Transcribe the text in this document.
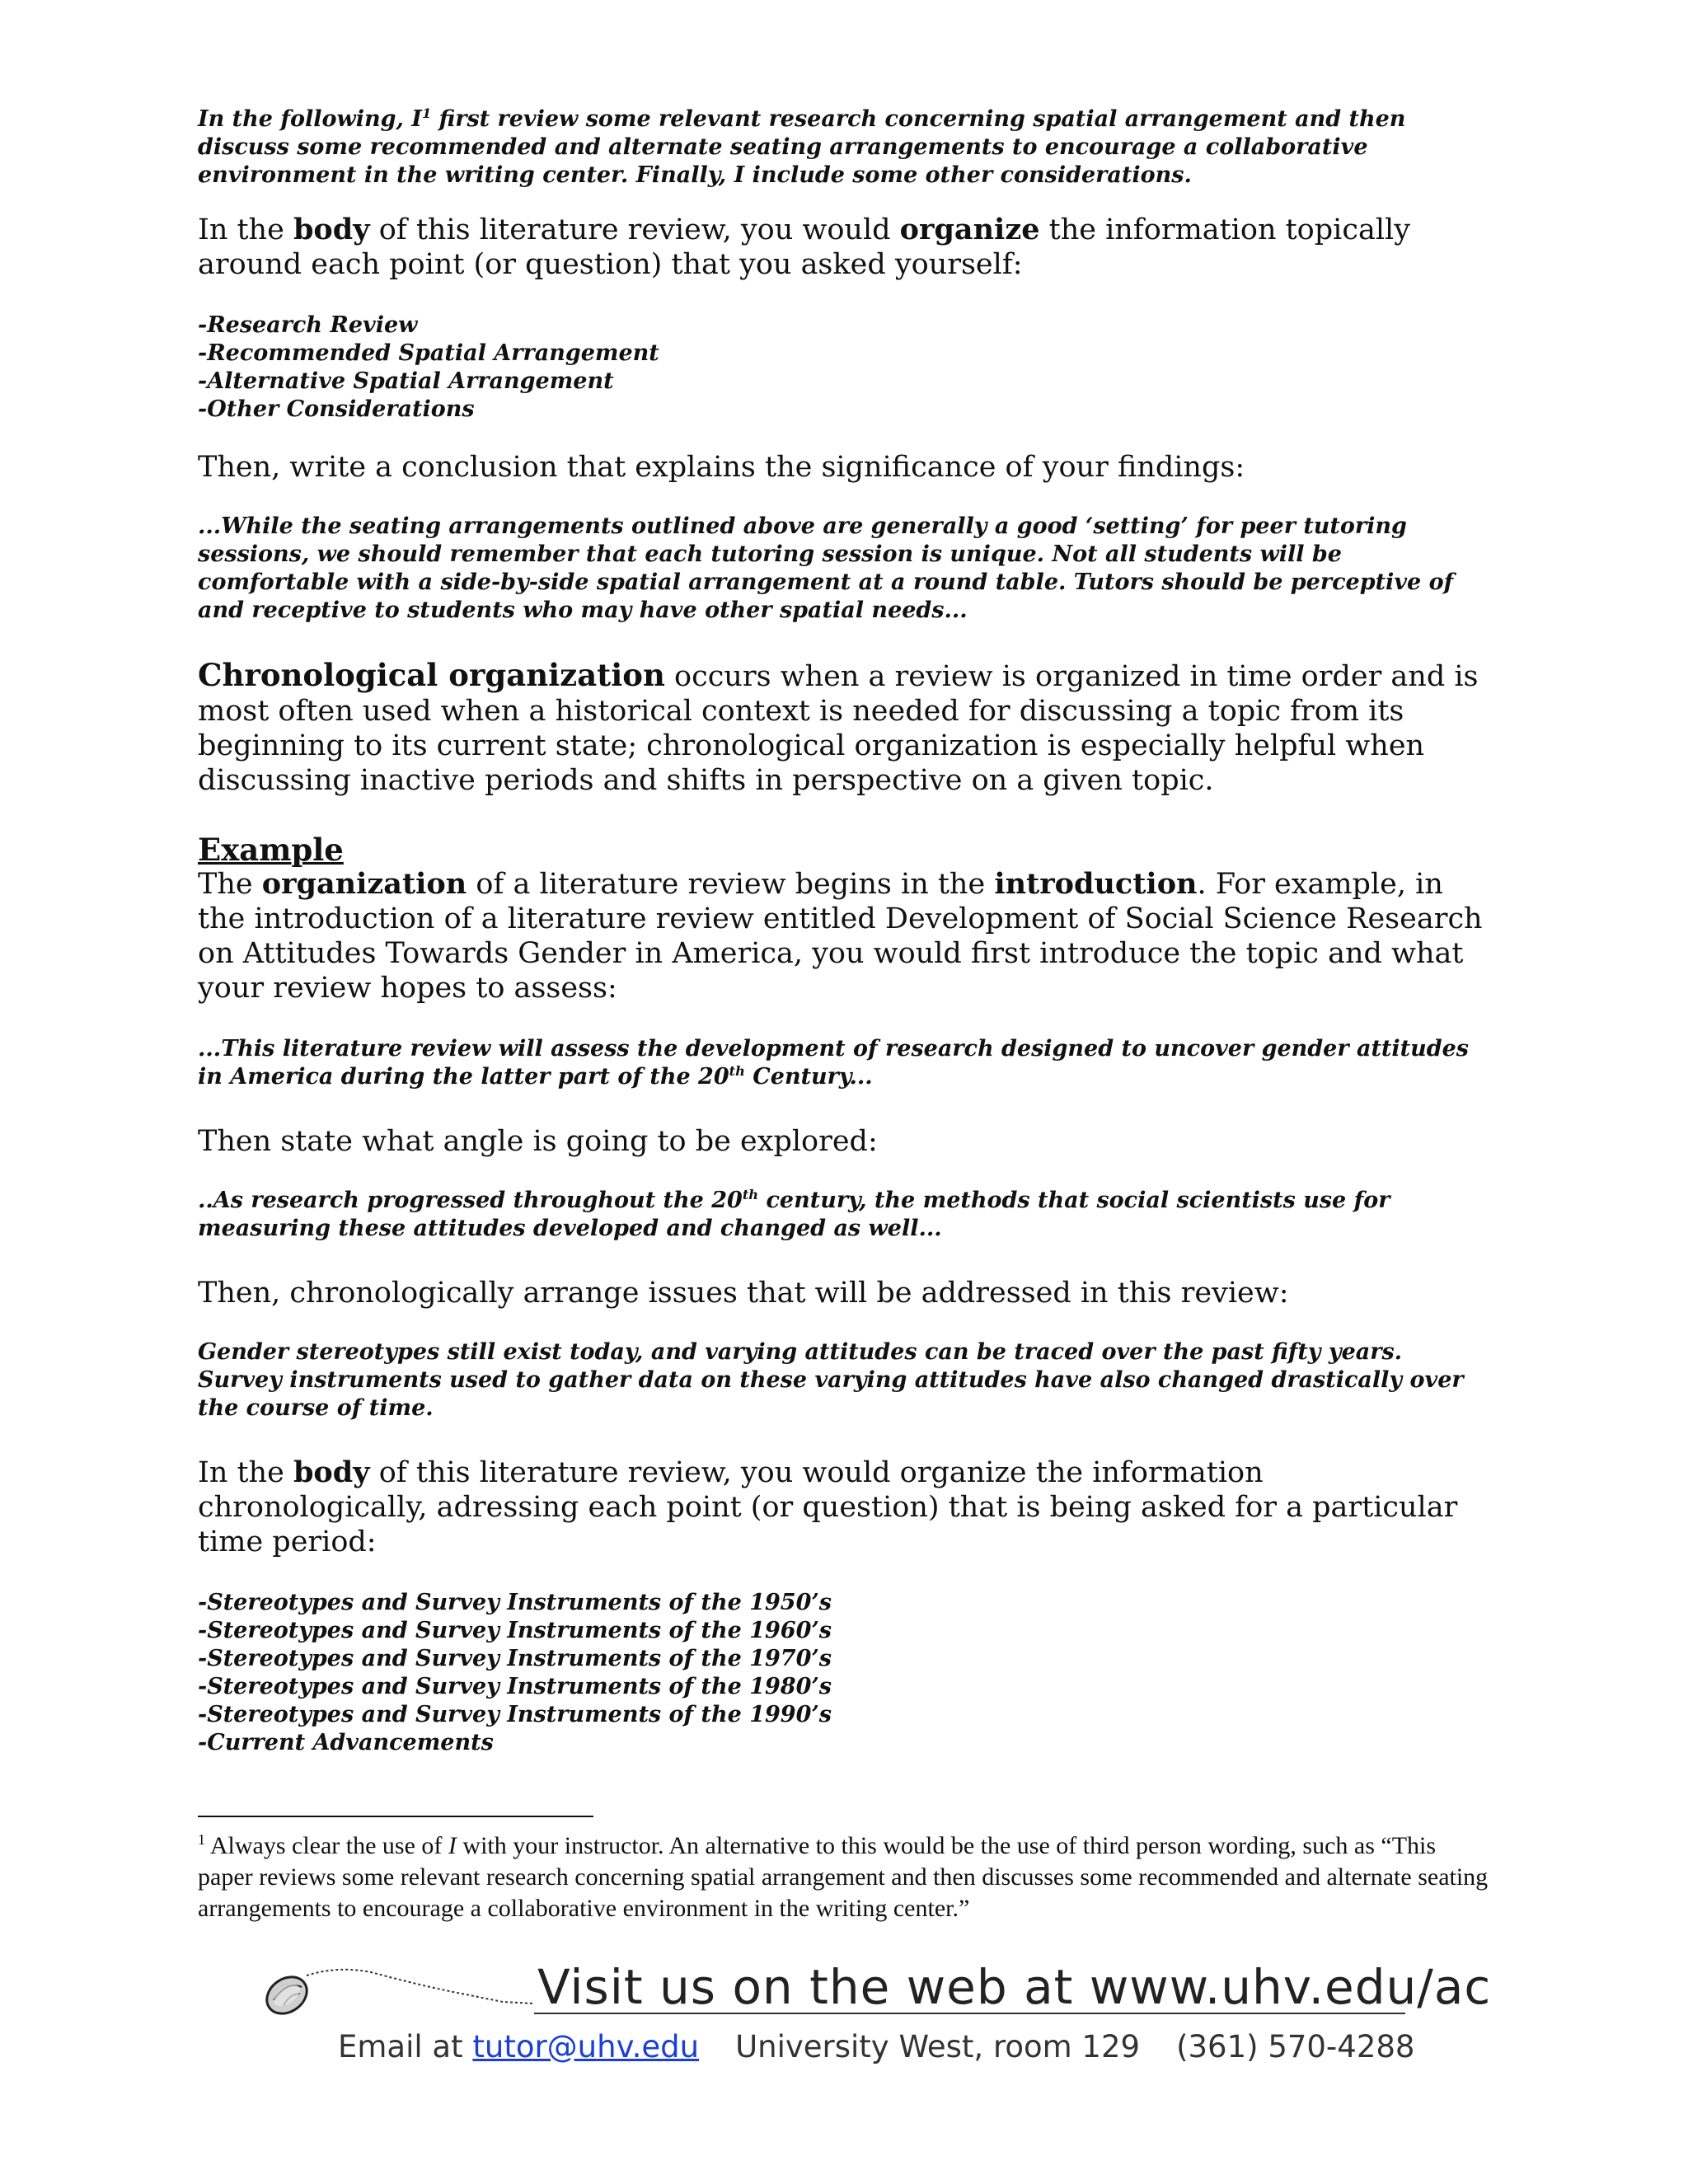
In the following, $I^1$ first review some relevant research concerning spatial arrangement and then discuss some recommended and alternate seating arrangements to encourage a collaborative environment in the writing center. Finally, I include some other considerations.

In the body of this literature review, you would organize the information topically around each point (or question) that you asked yourself:

-Research Review
-Recommended Spatial Arrangement
-Alternative Spatial Arrangement
-Other Considerations

Then, write a conclusion that explains the significance of your findings:

...While the seating arrangements outlined above are generally a good ‘setting’ for peer tutoring sessions, we should remember that each tutoring session is unique. Not all students will be comfortable with a side-by-side spatial arrangement at a round table. Tutors should be perceptive of and receptive to students who may have other spatial needs...

Chronological organization occurs when a review is organized in time order and is most often used when a historical context is needed for discussing a topic from its beginning to its current state; chronological organization is especially helpful when discussing inactive periods and shifts in perspective on a given topic.

Example

The organization of a literature review begins in the introduction. For example, in the introduction of a literature review entitled Development of Social Science Research on Attitudes Towards Gender in America, you would first introduce the topic and what your review hopes to assess:

...This literature review will assess the development of research designed to uncover gender attitudes in America during the latter part of the 20th Century...

Then state what angle is going to be explored:

..As research progressed throughout the 20th century, the methods that social scientists use for measuring these attitudes developed and changed as well...

Then, chronologically arrange issues that will be addressed in this review:

Gender stereotypes still exist today, and varying attitudes can be traced over the past fifty years. Survey instruments used to gather data on these varying attitudes have also changed drastically over the course of time.

In the body of this literature review, you would organize the information chronologically, adressing each point (or question) that is being asked for a particular time period:

-Stereotypes and Survey Instruments of the 1950’s
-Stereotypes and Survey Instruments of the 1960’s
-Stereotypes and Survey Instruments of the 1970’s
-Stereotypes and Survey Instruments of the 1980’s
-Stereotypes and Survey Instruments of the 1990’s
-Current Advancements

$^1$ Always clear the use of I with your instructor. An alternative to this would be the use of third person wording, such as “This paper reviews some relevant research concerning spatial arrangement and then discusses some recommended and alternate seating arrangements to encourage a collaborative environment in the writing center.”

Visit us on the web at www.uhv.edu/ac
Email at tutor@uhv.edu University West, room 129 (361) 570-4288
